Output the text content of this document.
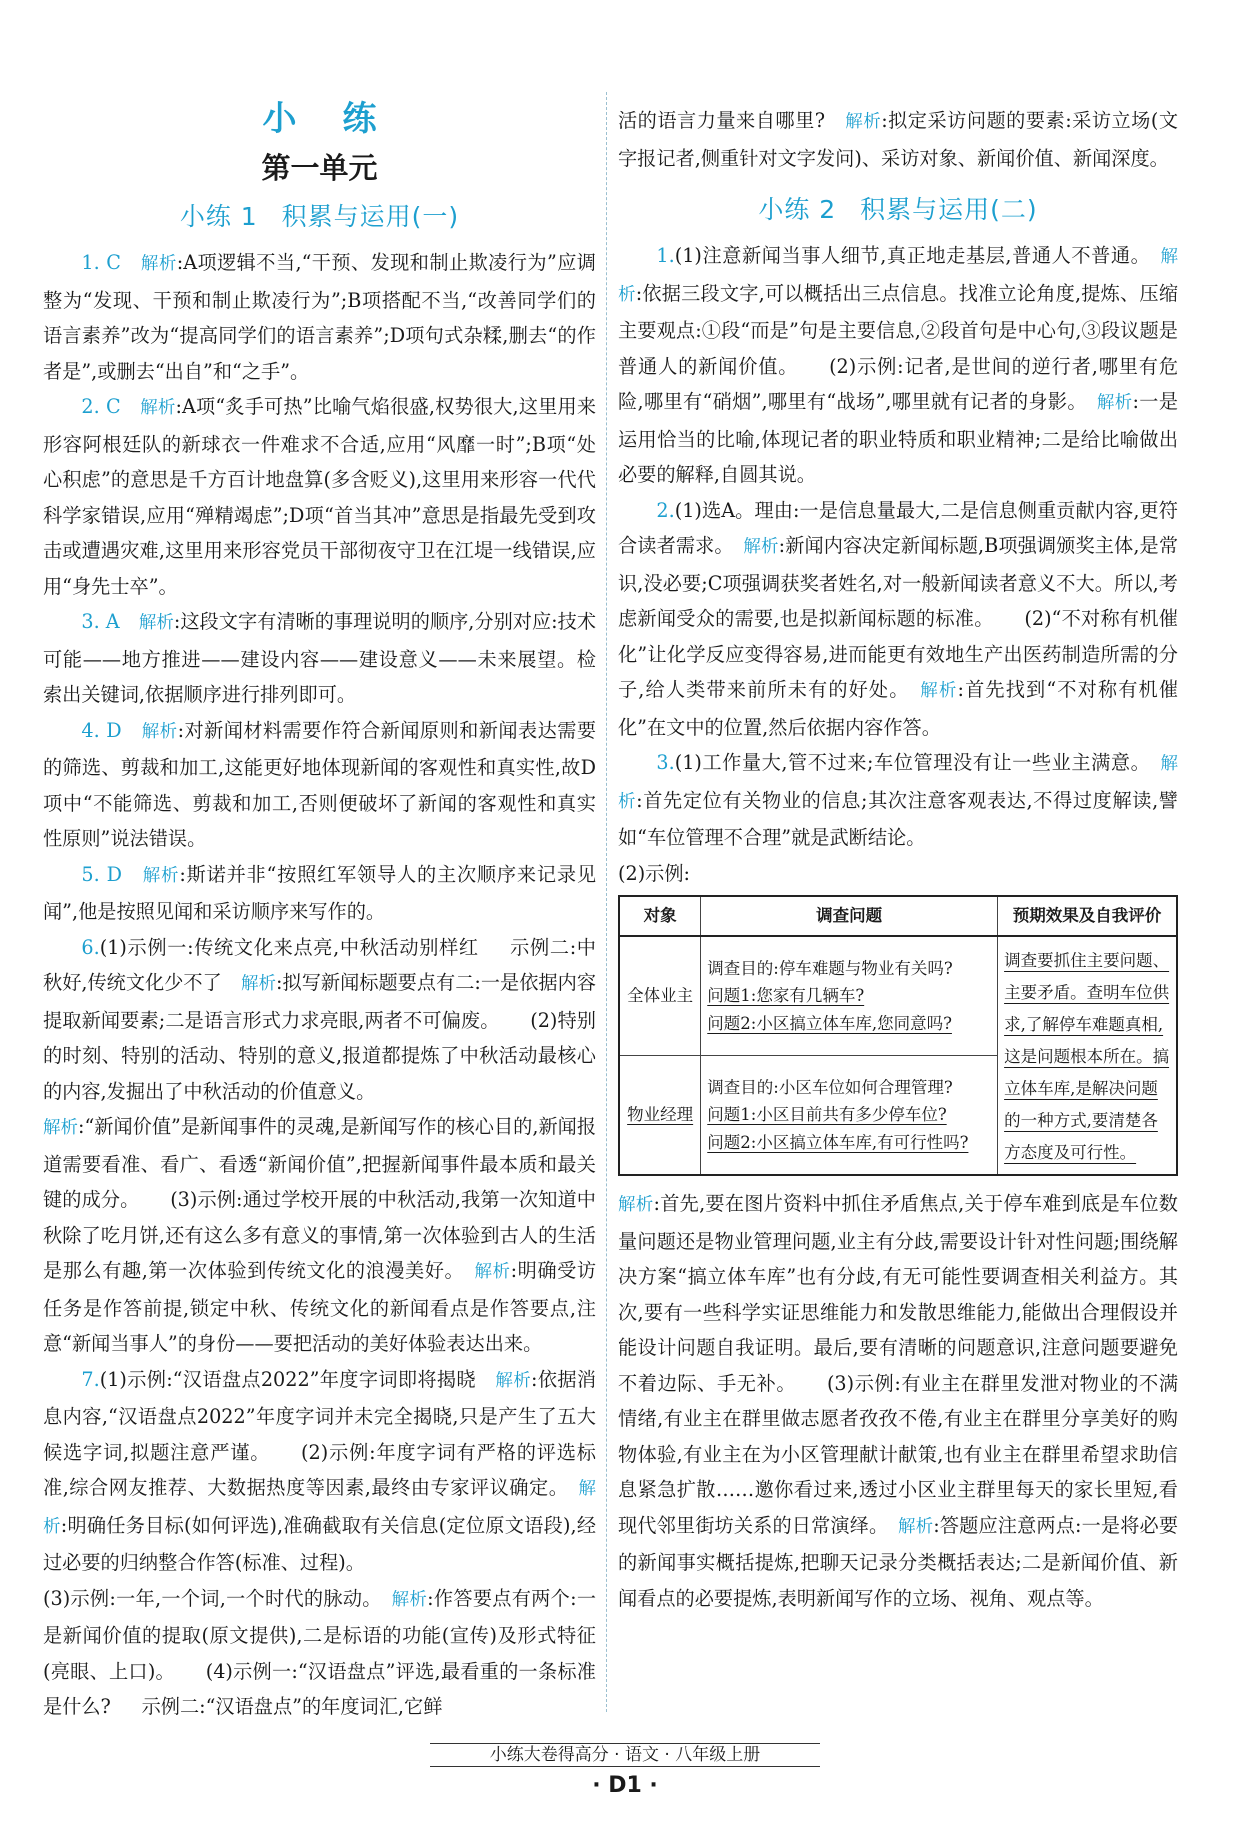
小练
第一单元
小练 1 积累与运用(一)

1. C　 解析:A项逻辑不当,“干预、发现和制止欺凌行为”应调整为“发现、干预和制止欺凌行为”;B项搭配不当,“改善同学们的语言素养”改为“提高同学们的语言素养”;D项句式杂糅,删去“的作者是”,或删去“出自”和“之手”。

2. C　 解析:A项“炙手可热”比喻气焰很盛,权势很大,这里用来形容阿根廷队的新球衣一件难求不合适,应用“风靡一时”;B项“处心积虑”的意思是千方百计地盘算(多含贬义),这里用来形容一代代科学家错误,应用“殚精竭虑”;D项“首当其冲”意思是指最先受到攻击或遭遇灾难,这里用来形容党员干部彻夜守卫在江堤一线错误,应用“身先士卒”。

3. A　 解析:这段文字有清晰的事理说明的顺序,分别对应:技术可能——地方推进——建设内容——建设意义——未来展望。检索出关键词,依据顺序进行排列即可。

4. D　 解析:对新闻材料需要作符合新闻原则和新闻表达需要的筛选、剪裁和加工,这能更好地体现新闻的客观性和真实性,故D项中“不能筛选、剪裁和加工,否则便破坏了新闻的客观性和真实性原则”说法错误。

5. D　 解析:斯诺并非“按照红军领导人的主次顺序来记录见闻”,他是按照见闻和采访顺序来写作的。

6.(1)示例一:传统文化来点亮,中秋活动别样红 示例二:中秋好,传统文化少不了　 解析:拟写新闻标题要点有二:一是依据内容提取新闻要素;二是语言形式力求亮眼,两者不可偏废。 (2)特别的时刻、特别的活动、特别的意义,报道都提炼了中秋活动最核心的内容,发掘出了中秋活动的价值意义。

解析:“新闻价值”是新闻事件的灵魂,是新闻写作的核心目的,新闻报道需要看准、看广、看透“新闻价值”,把握新闻事件最本质和最关键的成分。 (3)示例:通过学校开展的中秋活动,我第一次知道中秋除了吃月饼,还有这么多有意义的事情,第一次体验到古人的生活是那么有趣,第一次体验到传统文化的浪漫美好。　 解析:明确受访任务是作答前提,锁定中秋、传统文化的新闻看点是作答要点,注意“新闻当事人”的身份——要把活动的美好体验表达出来。

7.(1)示例:“汉语盘点2022”年度字词即将揭晓　 解析:依据消息内容,“汉语盘点2022”年度字词并未完全揭晓,只是产生了五大候选字词,拟题注意严谨。 (2)示例:年度字词有严格的评选标准,综合网友推荐、大数据热度等因素,最终由专家评议确定。　 解析:明确任务目标(如何评选),准确截取有关信息(定位原文语段),经过必要的归纳整合作答(标准、过程)。

(3)示例:一年,一个词,一个时代的脉动。　 解析:作答要点有两个:一是新闻价值的提取(原文提供),二是标语的功能(宣传)及形式特征(亮眼、上口)。 (4)示例一:“汉语盘点”评选,最看重的一条标准是什么? 示例二:“汉语盘点”的年度词汇,它鲜

活的语言力量来自哪里?　 解析:拟定采访问题的要素:采访立场(文字报记者,侧重针对文字发问)、采访对象、新闻价值、新闻深度。

小练 2 积累与运用(二)

1.(1)注意新闻当事人细节,真正地走基层,普通人不普通。　 解析:依据三段文字,可以概括出三点信息。找准立论角度,提炼、压缩主要观点:①段“而是”句是主要信息,②段首句是中心句,③段议题是普通人的新闻价值。 (2)示例:记者,是世间的逆行者,哪里有危险,哪里有“硝烟”,哪里有“战场”,哪里就有记者的身影。　 解析:一是运用恰当的比喻,体现记者的职业特质和职业精神;二是给比喻做出必要的解释,自圆其说。

2.(1)选A。理由:一是信息量最大,二是信息侧重贡献内容,更符合读者需求。　 解析:新闻内容决定新闻标题,B项强调颁奖主体,是常识,没必要;C项强调获奖者姓名,对一般新闻读者意义不大。所以,考虑新闻受众的需要,也是拟新闻标题的标准。 (2)“不对称有机催化”让化学反应变得容易,进而能更有效地生产出医药制造所需的分子,给人类带来前所未有的好处。　 解析:首先找到“不对称有机催化”在文中的位置,然后依据内容作答。

3.(1)工作量大,管不过来;车位管理没有让一些业主满意。　 解析:首先定位有关物业的信息;其次注意客观表达,不得过度解读,譬如“车位管理不合理”就是武断结论。

(2)示例:

对象	调查问题	预期效果及自我评价
全体业主	调查目的:停车难题与物业有关吗?
问题1:您家有几辆车?
问题2:小区搞立体车库,您同意吗?	调查要抓住主要问题、主要矛盾。查明车位供求,了解停车难题真相,这是问题根本所在。搞立体车库,是解决问题的一种方式,要清楚各方态度及可行性。
物业经理	调查目的:小区车位如何合理管理?
问题1:小区目前共有多少停车位?
问题2:小区搞立体车库,有可行性吗?	

解析:首先,要在图片资料中抓住矛盾焦点,关于停车难到底是车位数量问题还是物业管理问题,业主有分歧,需要设计针对性问题;围绕解决方案“搞立体车库”也有分歧,有无可能性要调查相关利益方。其次,要有一些科学实证思维能力和发散思维能力,能做出合理假设并能设计问题自我证明。最后,要有清晰的问题意识,注意问题要避免不着边际、手无补。 (3)示例:有业主在群里发泄对物业的不满情绪,有业主在群里做志愿者孜孜不倦,有业主在群里分享美好的购物体验,有业主在为小区管理献计献策,也有业主在群里希望求助信息紧急扩散……邀你看过来,透过小区业主群里每天的家长里短,看现代邻里街坊关系的日常演绎。　 解析:答题应注意两点:一是将必要的新闻事实概括提炼,把聊天记录分类概括表达;二是新闻价值、新闻看点的必要提炼,表明新闻写作的立场、视角、观点等。

小练大卷得高分 · 语文 · 八年级上册
· D1 ·
